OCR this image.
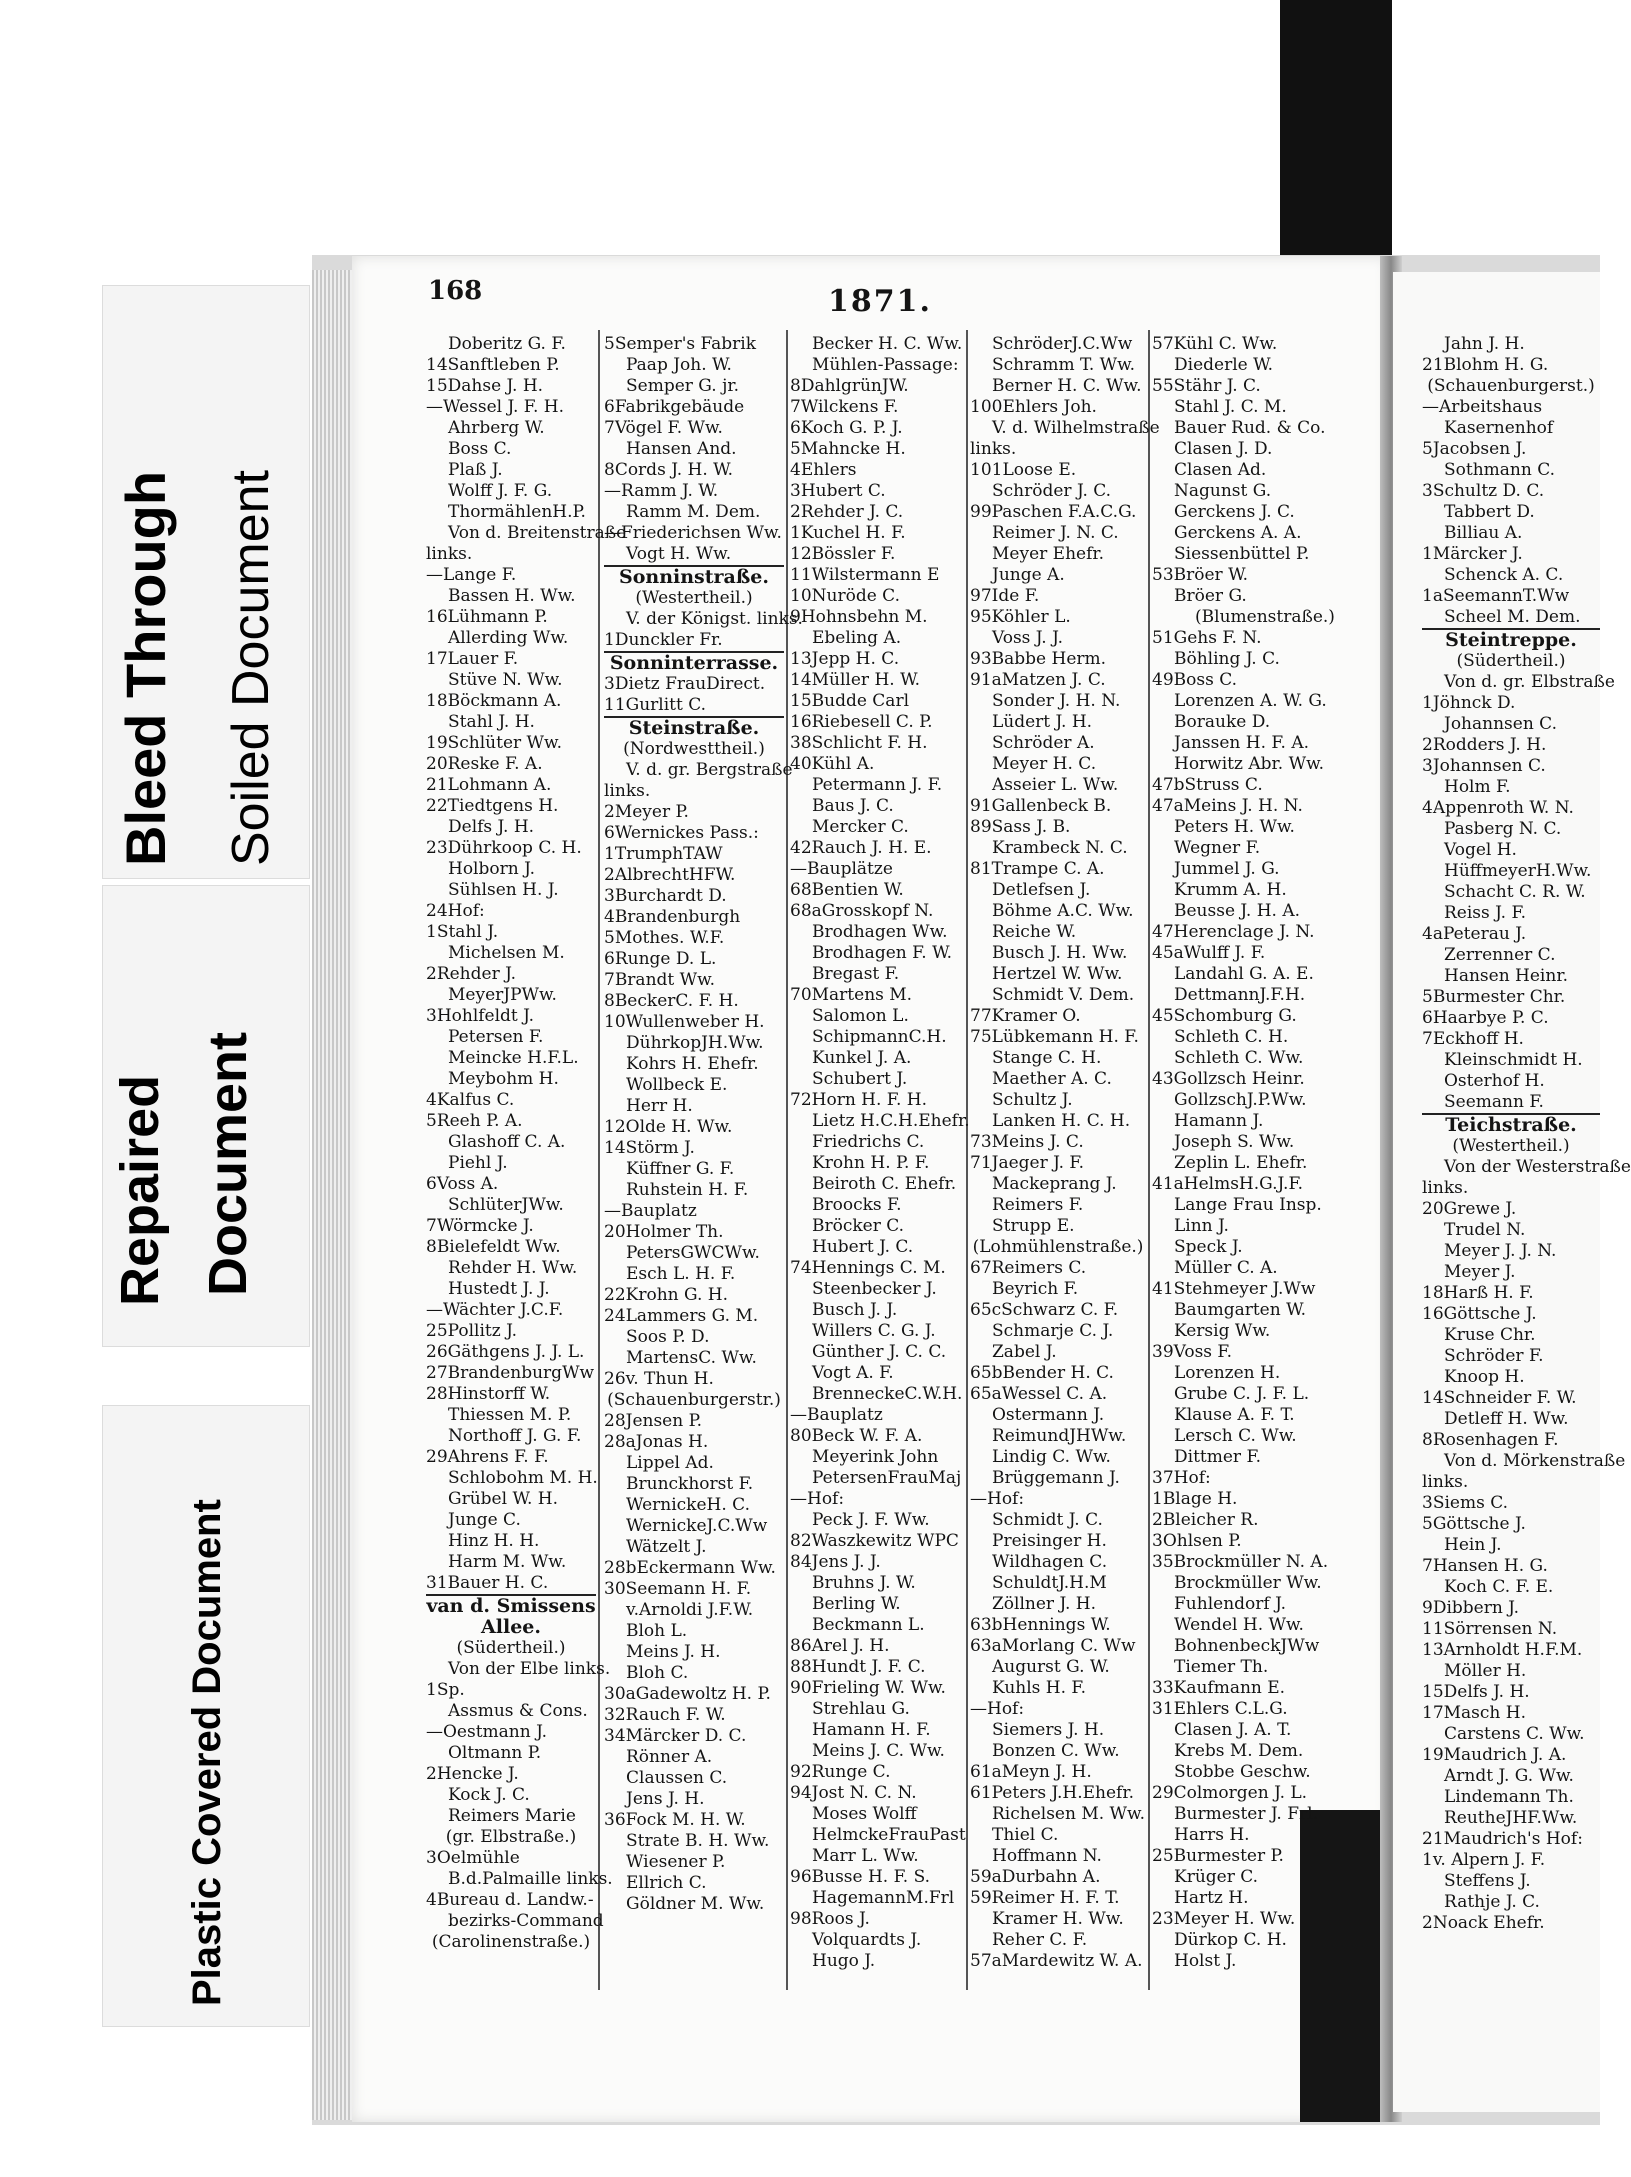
Bleed Through Soiled Document
Repaired Document
Plastic Covered Document
168	1871.
Doberitz G. F.
14Sanftleben P.
15Dahse J. H.
—Wessel J. F. H.
Ahrberg W.
Boss C.
Plaß J.
Wolff J. F. G.
ThormählenH.P.
Von d. Breitenstraße
links.
—Lange F.
Bassen H. Ww.
16Lühmann P.
Allerding Ww.
17Lauer F.
Stüve N. Ww.
18Böckmann A.
Stahl J. H.
19Schlüter Ww.
20Reske F. A.
21Lohmann A.
22Tiedtgens H.
Delfs J. H.
23Dührkoop C. H.
Holborn J.
Sühlsen H. J.
24Hof:
1Stahl J.
Michelsen M.
2Rehder J.
MeyerJPWw.
3Hohlfeldt J.
Petersen F.
Meincke H.F.L.
Meybohm H.
4Kalfus C.
5Reeh P. A.
Glashoff C. A.
Piehl J.
6Voss A.
SchlüterJWw.
7Wörmcke J.
8Bielefeldt Ww.
Rehder H. Ww.
Hustedt J. J.
—Wächter J.C.F.
25Pollitz J.
26Gäthgens J. J. L.
27BrandenburgWw
28Hinstorff W.
Thiessen M. P.
Northoff J. G. F.
29Ahrens F. F.
Schlobohm M. H.
Grübel W. H.
Junge C.
Hinz H. H.
Harm M. Ww.
31Bauer H. C.
van d. Smissens
Allee.
(Südertheil.)
Von der Elbe links.
1Sp.
Assmus & Cons.
—Oestmann J.
Oltmann P.
2Hencke J.
Kock J. C.
Reimers Marie
(gr. Elbstraße.)
3Oelmühle
B.d.Palmaille links.
4Bureau d. Landw.-
bezirks-Command
(Carolinenstraße.)
5Semper's Fabrik
Paap Joh. W.
Semper G. jr.
6Fabrikgebäude
7Vögel F. Ww.
Hansen And.
8Cords J. H. W.
—Ramm J. W.
Ramm M. Dem.
—Friederichsen Ww.
Vogt H. Ww.
Sonninstraße.
(Westertheil.)
V. der Königst. links.
1Dunckler Fr.
Sonninterrasse.
3Dietz FrauDirect.
11Gurlitt C.
Steinstraße.
(Nordwesttheil.)
V. d. gr. Bergstraße
links.
2Meyer P.
6Wernickes Pass.:
1TrumphTAW
2AlbrechtHFW.
3Burchardt D.
4Brandenburgh
5Mothes. W.F.
6Runge D. L.
7Brandt Ww.
8BeckerC. F. H.
10Wullenweber H.
DührkopJH.Ww.
Kohrs H. Ehefr.
Wollbeck E.
Herr H.
12Olde H. Ww.
14Störm J.
Küffner G. F.
Ruhstein H. F.
—Bauplatz
20Holmer Th.
PetersGWCWw.
Esch L. H. F.
22Krohn G. H.
24Lammers G. M.
Soos P. D.
MartensC. Ww.
26v. Thun H.
(Schauenburgerstr.)
28Jensen P.
28aJonas H.
Lippel Ad.
Brunckhorst F.
WernickeH. C.
WernickeJ.C.Ww
Wätzelt J.
28bEckermann Ww.
30Seemann H. F.
v.Arnoldi J.F.W.
Bloh L.
Meins J. H.
Bloh C.
30aGadewoltz H. P.
32Rauch F. W.
34Märcker D. C.
Rönner A.
Claussen C.
Jens J. H.
36Fock M. H. W.
Strate B. H. Ww.
Wiesener P.
Ellrich C.
Göldner M. Ww.
Becker H. C. Ww.
Mühlen-Passage:
8DahlgrünJW.
7Wilckens F.
6Koch G. P. J.
5Mahncke H.
4Ehlers
3Hubert C.
2Rehder J. C.
1Kuchel H. F.
12Bössler F.
11Wilstermann E
10Nuröde C.
9Hohnsbehn M.
Ebeling A.
13Jepp H. C.
14Müller H. W.
15Budde Carl
16Riebesell C. P.
38Schlicht F. H.
40Kühl A.
Petermann J. F.
Baus J. C.
Mercker C.
42Rauch J. H. E.
—Bauplätze
68Bentien W.
68aGrosskopf N.
Brodhagen Ww.
Brodhagen F. W.
Bregast F.
70Martens M.
Salomon L.
SchipmannC.H.
Kunkel J. A.
Schubert J.
72Horn H. F. H.
Lietz H.C.H.Ehefr.
Friedrichs C.
Krohn H. P. F.
Beiroth C. Ehefr.
Broocks F.
Bröcker C.
Hubert J. C.
74Hennings C. M.
Steenbecker J.
Busch J. J.
Willers C. G. J.
Günther J. C. C.
Vogt A. F.
BrenneckeC.W.H.
—Bauplatz
80Beck W. F. A.
Meyerink John
PetersenFrauMaj
—Hof:
Peck J. F. Ww.
82Waszkewitz WPC
84Jens J. J.
Bruhns J. W.
Berling W.
Beckmann L.
86Arel J. H.
88Hundt J. F. C.
90Frieling W. Ww.
Strehlau G.
Hamann H. F.
Meins J. C. Ww.
92Runge C.
94Jost N. C. N.
Moses Wolff
HelmckeFrauPast
Marr L. Ww.
96Busse H. F. S.
HagemannM.Frl
98Roos J.
Volquardts J.
Hugo J.
SchröderJ.C.Ww
Schramm T. Ww.
Berner H. C. Ww.
100Ehlers Joh.
V. d. Wilhelmstraße
links.
101Loose E.
Schröder J. C.
99Paschen F.A.C.G.
Reimer J. N. C.
Meyer Ehefr.
Junge A.
97Ide F.
95Köhler L.
Voss J. J.
93Babbe Herm.
91aMatzen J. C.
Sonder J. H. N.
Lüdert J. H.
Schröder A.
Meyer H. C.
Asseier L. Ww.
91Gallenbeck B.
89Sass J. B.
Krambeck N. C.
81Trampe C. A.
Detlefsen J.
Böhme A.C. Ww.
Reiche W.
Busch J. H. Ww.
Hertzel W. Ww.
Schmidt V. Dem.
77Kramer O.
75Lübkemann H. F.
Stange C. H.
Maether A. C.
Schultz J.
Lanken H. C. H.
73Meins J. C.
71Jaeger J. F.
Mackeprang J.
Reimers F.
Strupp E.
(Lohmühlenstraße.)
67Reimers C.
Beyrich F.
65cSchwarz C. F.
Schmarje C. J.
Zabel J.
65bBender H. C.
65aWessel C. A.
Ostermann J.
ReimundJHWw.
Lindig C. Ww.
Brüggemann J.
—Hof:
Schmidt J. C.
Preisinger H.
Wildhagen C.
SchuldtJ.H.M
Zöllner J. H.
63bHennings W.
63aMorlang C. Ww
Augurst G. W.
Kuhls H. F.
—Hof:
Siemers J. H.
Bonzen C. Ww.
61aMeyn J. H.
61Peters J.H.Ehefr.
Richelsen M. Ww.
Thiel C.
Hoffmann N.
59aDurbahn A.
59Reimer H. F. T.
Kramer H. Ww.
Reher C. F.
57aMardewitz W. A.
57Kühl C. Ww.
Diederle W.
55Stähr J. C.
Stahl J. C. M.
Bauer Rud. & Co.
Clasen J. D.
Clasen Ad.
Nagunst G.
Gerckens J. C.
Gerckens A. A.
Siessenbüttel P.
53Bröer W.
Bröer G.
(Blumenstraße.)
51Gehs F. N.
Böhling J. C.
49Boss C.
Lorenzen A. W. G.
Borauke D.
Janssen H. F. A.
Horwitz Abr. Ww.
47bStruss C.
47aMeins J. H. N.
Peters H. Ww.
Wegner F.
Jummel J. G.
Krumm A. H.
Beusse J. H. A.
47Herenclage J. N.
45aWulff J. F.
Landahl G. A. E.
DettmannJ.F.H.
45Schomburg G.
Schleth C. H.
Schleth C. Ww.
43Gollzsch Heinr.
GollzschJ.P.Ww.
Hamann J.
Joseph S. Ww.
Zeplin L. Ehefr.
41aHelmsH.G.J.F.
Lange Frau Insp.
Linn J.
Speck J.
Müller C. A.
41Stehmeyer J.Ww
Baumgarten W.
Kersig Ww.
39Voss F.
Lorenzen H.
Grube C. J. F. L.
Klause A. F. T.
Lersch C. Ww.
Dittmer F.
37Hof:
1Blage H.
2Bleicher R.
3Ohlsen P.
35Brockmüller N. A.
Brockmüller Ww.
Fuhlendorf J.
Wendel H. Ww.
BohnenbeckJWw
Tiemer Th.
33Kaufmann E.
31Ehlers C.L.G.
Clasen J. A. T.
Krebs M. Dem.
Stobbe Geschw.
29Colmorgen J. L.
Burmester J. Frl.
Harrs H.
25Burmester P.
Krüger C.
Hartz H.
23Meyer H. Ww.
Dürkop C. H.
Holst J.
Jahn J. H.
21Blohm H. G.
(Schauenburgerst.)
—Arbeitshaus
Kasernenhof
5Jacobsen J.
Sothmann C.
3Schultz D. C.
Tabbert D.
Billiau A.
1Märcker J.
Schenck A. C.
1aSeemannT.Ww
Scheel M. Dem.
Steintreppe.
(Südertheil.)
Von d. gr. Elbstraße
1Jöhnck D.
Johannsen C.
2Rodders J. H.
3Johannsen C.
Holm F.
4Appenroth W. N.
Pasberg N. C.
Vogel H.
HüffmeyerH.Ww.
Schacht C. R. W.
Reiss J. F.
4aPeterau J.
Zerrenner C.
Hansen Heinr.
5Burmester Chr.
6Haarbye P. C.
7Eckhoff H.
Kleinschmidt H.
Osterhof H.
Seemann F.
Teichstraße.
(Westertheil.)
Von der Westerstraße
links.
20Grewe J.
Trudel N.
Meyer J. J. N.
Meyer J.
18Harß H. F.
16Göttsche J.
Kruse Chr.
Schröder F.
Knoop H.
14Schneider F. W.
Detleff H. Ww.
8Rosenhagen F.
Von d. Mörkenstraße
links.
3Siems C.
5Göttsche J.
Hein J.
7Hansen H. G.
Koch C. F. E.
9Dibbern J.
11Sörrensen N.
13Arnholdt H.F.M.
Möller H.
15Delfs J. H.
17Masch H.
Carstens C. Ww.
19Maudrich J. A.
Arndt J. G. Ww.
Lindemann Th.
ReutheJHF.Ww.
21Maudrich's Hof:
1v. Alpern J. F.
Steffens J.
Rathje J. C.
2Noack Ehefr.
